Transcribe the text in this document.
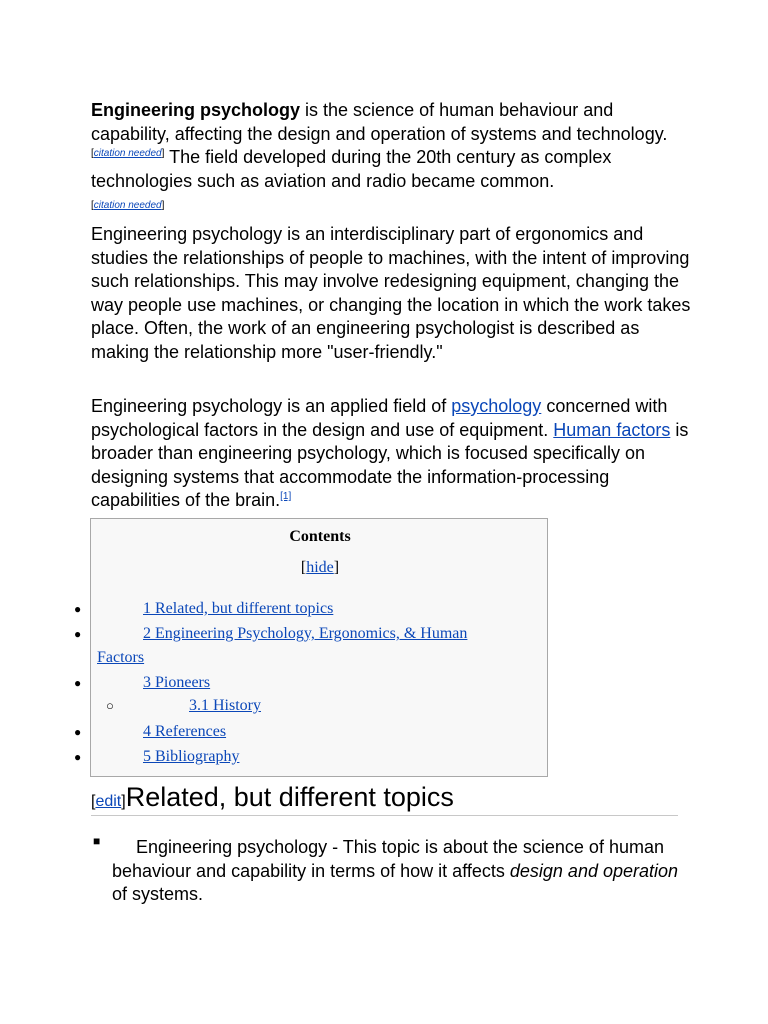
Engineering psychology is the science of human behaviour and capability, affecting the design and operation of systems and technology.[citation needed] The field developed during the 20th century as complex technologies such as aviation and radio became common.
[citation needed]

Engineering psychology is an interdisciplinary part of ergonomics and studies the relationships of people to machines, with the intent of improving such relationships. This may involve redesigning equipment, changing the way people use machines, or changing the location in which the work takes place. Often, the work of an engineering psychologist is described as making the relationship more "user-friendly."

Engineering psychology is an applied field of psychology concerned with psychological factors in the design and use of equipment. Human factors is broader than engineering psychology, which is focused specifically on designing systems that accommodate the information-processing capabilities of the brain.[1]

Contents
[hide]
●	1 Related, but different topics
●	2 Engineering Psychology, Ergonomics, & Human
Factors
●	3 Pioneers
○	3.1 History
●	4 References
●	5 Bibliography
[edit]Related, but different topics
■	Engineering psychology - This topic is about the science of human behaviour and capability in terms of how it affects design and operation of systems.
